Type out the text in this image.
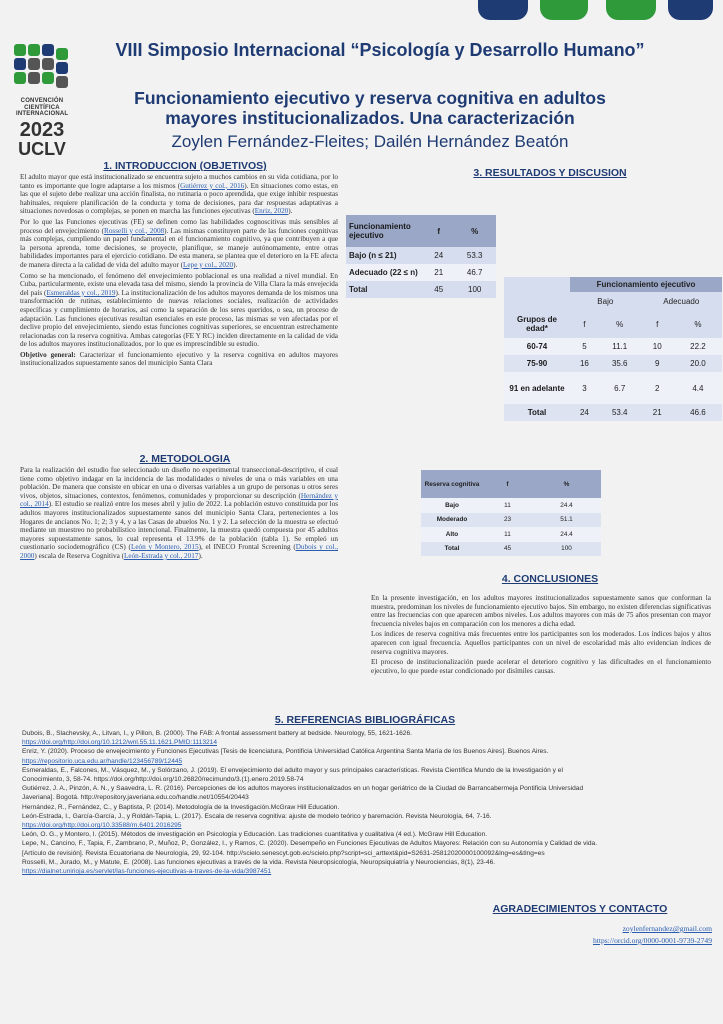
CONVENCIÓN
CIENTÍFICA
INTERNACIONAL
2023
UCLV
VIII Simposio Internacional “Psicología y Desarrollo Humano”
Funcionamiento ejecutivo y reserva cognitiva en adultos mayores institucionalizados. Una caracterización
Zoylen Fernández-Fleites; Dailén Hernández Beatón
1. INTRODUCCION (OBJETIVOS)

El adulto mayor que está institucionalizado se encuentra sujeto a muchos cambios en su vida cotidiana, por lo tanto es importante que logre adaptarse a los mismos (Gutiérrez y col., 2016). En situaciones como estas, en las que el sujeto debe realizar una acción finalista, no rutinaria o poco aprendida, que exige inhibir respuestas habituales, requiere planificación de la conducta y toma de decisiones, para dar respuestas adaptativas a situaciones novedosas o complejas, se ponen en marcha las funciones ejecutivas (Enriz, 2020).

Por lo que las Funciones ejecutivas (FE) se definen como las habilidades cognoscitivas más sensibles al proceso del envejecimiento (Rosselli y col., 2008). Las mismas constituyen parte de las funciones cognitivas más complejas, cumpliendo un papel fundamental en el funcionamiento cognitivo, ya que contribuyen a que la persona aprenda, tome decisiones, se proyecte, planifique, se maneje autónomamente, entre otras habilidades importantes para el ejercicio cotidiano. De esta manera, se plantea que el deterioro en la FE afecta de manera directa a la calidad de vida del adulto mayor (Lepe y col., 2020).

Como se ha mencionado, el fenómeno del envejecimiento poblacional es una realidad a nivel mundial. En Cuba, particularmente, existe una elevada tasa del mismo, siendo la provincia de Villa Clara la más envejecida del país (Esmeraldas y col., 2019). La institucionalización de los adultos mayores demanda de los mismos una transformación de rutinas, establecimiento de nuevas relaciones sociales, realización de actividades específicas y cumplimiento de horarios, así como la separación de los seres queridos, o sea, un proceso de adaptación. Las funciones ejecutivas resultan esenciales en este proceso, las mismas se ven afectadas por el declive propio del envejecimiento, siendo estas funciones cognitivas superiores, se encuentran estrechamente relacionadas con la reserva cognitiva. Ambas categorías (FE Y RC) inciden directamente en la calidad de vida de los adultos mayores institucionalizados, por lo que es imprescindible su estudio.

Objetivo general: Caracterizar el funcionamiento ejecutivo y la reserva cognitiva en adultos mayores institucionalizados supuestamente sanos del municipio Santa Clara

2. METODOLOGIA

Para la realización del estudio fue seleccionado un diseño no experimental transeccional-descriptivo, el cual tiene como objetivo indagar en la incidencia de las modalidades o niveles de una o más variables en una población. De manera que consiste en ubicar en una o diversas variables a un grupo de personas u otros seres vivos, objetos, situaciones, contextos, fenómenos, comunidades y proporcionar su descripción (Hernández y col., 2014). El estudio se realizó entre los meses abril y julio de 2022. La población estuvo constituida por los adultos mayores institucionalizados supuestamente sanos del municipio Santa Clara, pertenecientes a los Hogares de ancianos No. 1; 2; 3 y 4, y a las Casas de abuelos No. 1 y 2. La selección de la muestra se efectuó mediante un muestreo no probabilístico intencional. Finalmente, la muestra quedó compuesta por 45 adultos mayores supuestamente sanos, lo cual representa el 13.9% de la población (tabla 1). Se empleó un cuestionario sociodemográfico (CS) (León y Montero, 2015), el INECO Frontal Screening (Dubois y col., 2000) escala de Reserva Cognitiva (León-Estrada y col., 2017).

3. RESULTADOS Y DISCUSION
Funcionamiento ejecutivo	f	%
Bajo (n ≤ 21)	24	53.3
Adecuado (22 ≤ n)	21	46.7
Total	45	100
	Funcionamiento ejecutivo			
	Bajo		Adecuado	
Grupos de edad*	f	%	f	%
60-74	5	11.1	10	22.2
75-90	16	35.6	9	20.0
91 en adelante	3	6.7	2	4.4
Total	24	53.4	21	46.6
Reserva cognitiva	f	%
Bajo	11	24.4
Moderado	23	51.1
Alto	11	24.4
Total	45	100
4. CONCLUSIONES

En la presente investigación, en los adultos mayores institucionalizados supuestamente sanos que conforman la muestra, predominan los niveles de funcionamiento ejecutivo bajos. Sin embargo, no existen diferencias significativas entre las frecuencias con que aparecen ambos niveles. Los adultos mayores con más de 75 años presentan con mayor frecuencia niveles bajos en comparación con los menores a dicha edad.

Los índices de reserva cognitiva más frecuentes entre los participantes son los moderados. Los índices bajos y altos aparecen con igual frecuencia. Aquellos participantes con un nivel de escolaridad más alto evidencian índices de reserva cognitiva mayores.

El proceso de institucionalización puede acelerar el deterioro cognitivo y las dificultades en el funcionamiento ejecutivo, lo que puede estar condicionado por disímiles causas.

5. REFERENCIAS BIBLIOGRÁFICAS
Dubois, B., Slachevsky, A., Litvan, I., y Pillon, B. (2000). The FAB: A frontal assessment battery at bedside. Neurology, 55, 1621-1626.
https://doi.org/http://doi.org/10.1212/wnl.55.11.1621.PMID:1113214
Enriz, Y. (2020). Proceso de envejecimiento y Funciones Ejecutivas [Tesis de licenciatura, Pontificia Universidad Católica Argentina Santa María de los Buenos Aires]. Buenos Aires.
https://repositorio.uca.edu.ar/handle/123456789/12445
Esmeraldas, E., Falcones, M., Vásquez, M., y Solórzano, J. (2019). El envejecimiento del adulto mayor y sus principales características. Revista Científica Mundo de la Investigación y el
Conocimiento, 3, 58-74. https://doi.org/http://doi.org/10.26820/recimundo/3.(1).enero.2019.58-74
Gutiérrez, J. A., Pinzón, A. N., y Saavedra, L. R. (2016). Percepciones de los adultos mayores institucionalizados en un hogar geriátrico de la Ciudad de Barrancabermeja Pontificia Universidad
Javeriana]. Bogotá. http://repository.javeriana.edu.co/handle.net/10554/20443
Hernández, R., Fernández, C., y Baptista, P. (2014). Metodología de la Investigación.McGraw Hill Education.
León-Estrada, I., García-García, J., y Roldán-Tapia, L. (2017). Escala de reserva cognitiva: ajuste de modelo teórico y baremación. Revista Neurología, 64, 7-16.
https://doi.org/http://doi.org/10.33588/rn.6401.2016295
León, O. G., y Montero, I. (2015). Métodos de investigación en Psicología y Educación. Las tradiciones cuantitativa y cualitativa (4 ed.). McGraw Hill Education.
Lepe, N., Cancino, F., Tapia, F., Zambrano, P., Muñoz, P., González, I., y Ramos, C. (2020). Desempeño en Funciones Ejecutivas de Adultos Mayores: Relación con su Autonomía y Calidad de vida.
[Artículo de revisión]. Revista Ecuatoriana de Neurología, 29, 92-104. http://scielo.senescyt.gob.ec/scielo.php?script=sci_arttext&pid=S2631-25812020000100092&lng=es&tlng=es
Rosselli, M., Jurado, M., y Matute, E. (2008). Las funciones ejecutivas a través de la vida. Revista Neuropsicología, Neuropsiquiatría y Neurociencias, 8(1), 23-46.
https://dialnet.unirioja.es/servlet/las-funciones-ejecutivas-a-traves-de-la-vida/3987451
AGRADECIMIENTOS Y CONTACTO
zoylenfernandez@gmail.com
https://orcid.org/0000-0001-9739-2749
